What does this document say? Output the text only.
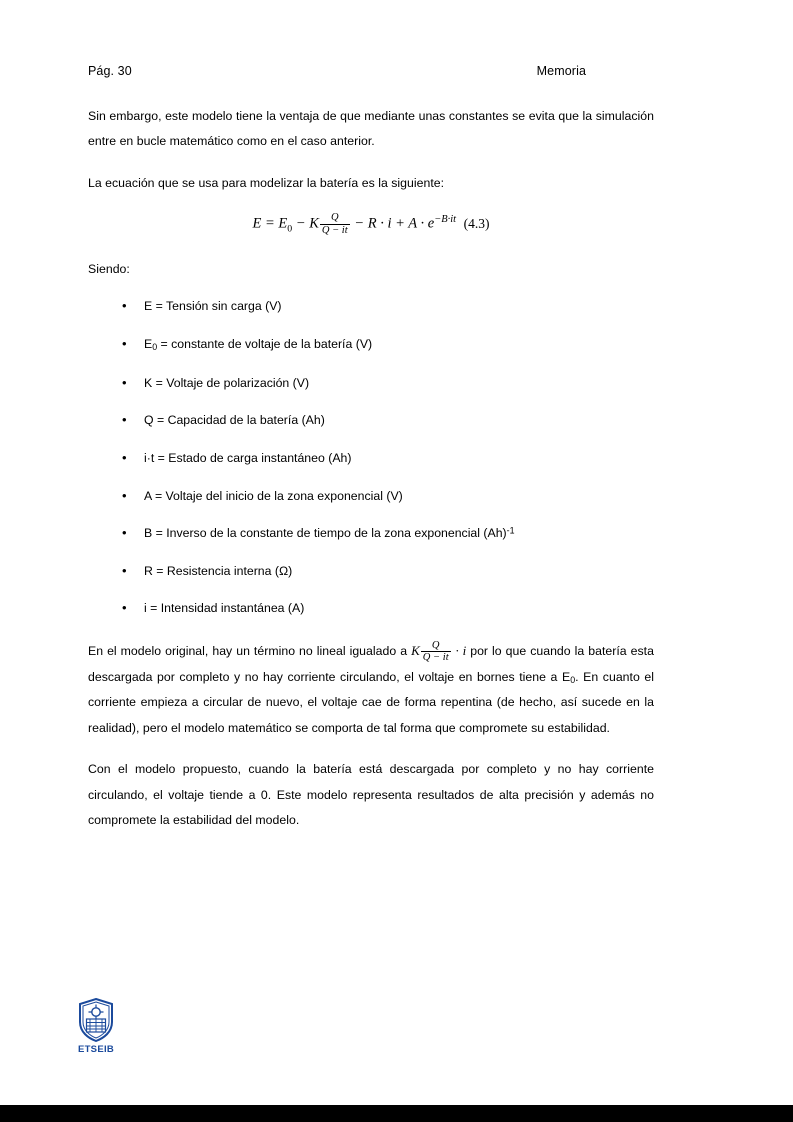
Pág. 30	Memoria

Sin embargo, este modelo tiene la ventaja de que mediante unas constantes se evita que la simulación entre en bucle matemático como en el caso anterior.

La ecuación que se usa para modelizar la batería es la siguiente:

$E = E_0 - K \frac{Q}{Q - it} - R \cdot i + A \cdot e^{-B\cdot it}$ (4.3)

Siendo:

• E = Tensión sin carga (V)
• $E_0$ = constante de voltaje de la batería (V)
• K = Voltaje de polarización (V)
• Q = Capacidad de la batería (Ah)
• i·t = Estado de carga instantáneo (Ah)
• A = Voltaje del inicio de la zona exponencial (V)
• B = Inverso de la constante de tiempo de la zona exponencial $(Ah)^{-1}$
• R = Resistencia interna (Ω)
• i = Intensidad instantánea (A)

En el modelo original, hay un término no lineal igualado a K $\frac{Q}{Q - it} \cdot i$ por lo que cuando la batería esta descargada por completo y no hay corriente circulando, el voltaje en bornes tiene a $E_0$. En cuanto el corriente empieza a circular de nuevo, el voltaje cae de forma repentina (de hecho, así sucede en la realidad), pero el modelo matemático se comporta de tal forma que compromete su estabilidad.

Con el modelo propuesto, cuando la batería está descargada por completo y no hay corriente circulando, el voltaje tiende a 0. Este modelo representa resultados de alta precisión y además no compromete la estabilidad del modelo.

ETSEIB
